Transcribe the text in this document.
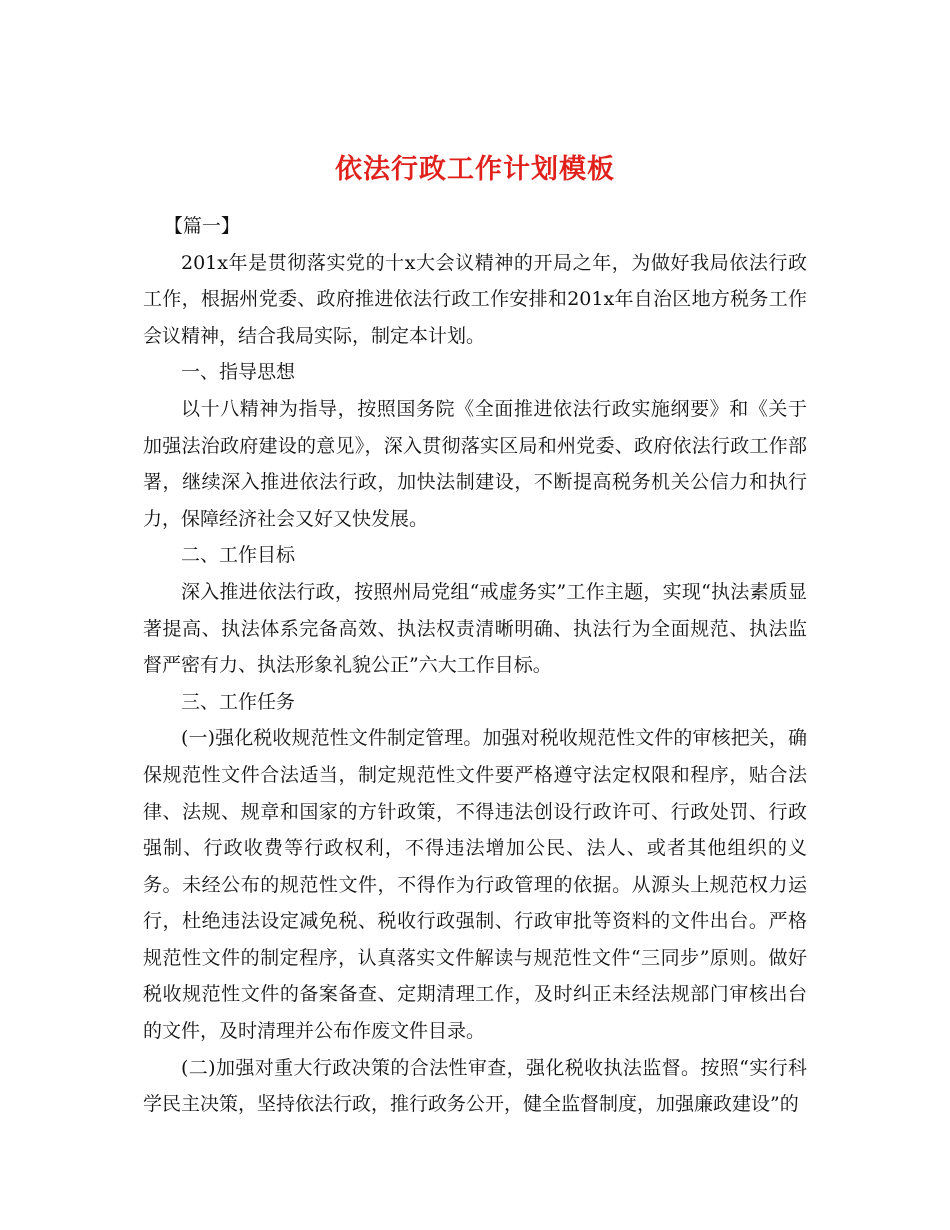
依法行政工作计划模板

【篇一】

201x年是贯彻落实党的十x大会议精神的开局之年，为做好我局依法行政工作，根据州党委、政府推进依法行政工作安排和201x年自治区地方税务工作会议精神，结合我局实际，制定本计划。

一、指导思想

以十八精神为指导，按照国务院《全面推进依法行政实施纲要》和《关于加强法治政府建设的意见》，深入贯彻落实区局和州党委、政府依法行政工作部署，继续深入推进依法行政，加快法制建设，不断提高税务机关公信力和执行力，保障经济社会又好又快发展。

二、工作目标

深入推进依法行政，按照州局党组“戒虚务实”工作主题，实现“执法素质显著提高、执法体系完备高效、执法权责清晰明确、执法行为全面规范、执法监督严密有力、执法形象礼貌公正”六大工作目标。

三、工作任务

(一)强化税收规范性文件制定管理。加强对税收规范性文件的审核把关，确保规范性文件合法适当，制定规范性文件要严格遵守法定权限和程序，贴合法律、法规、规章和国家的方针政策，不得违法创设行政许可、行政处罚、行政强制、行政收费等行政权利，不得违法增加公民、法人、或者其他组织的义务。未经公布的规范性文件，不得作为行政管理的依据。从源头上规范权力运行，杜绝违法设定减免税、税收行政强制、行政审批等资料的文件出台。严格规范性文件的制定程序，认真落实文件解读与规范性文件“三同步”原则。做好税收规范性文件的备案备查、定期清理工作，及时纠正未经法规部门审核出台的文件，及时清理并公布作废文件目录。

(二)加强对重大行政决策的合法性审查，强化税收执法监督。按照“实行科学民主决策，坚持依法行政，推行政务公开，健全监督制度，加强廉政建设”的
